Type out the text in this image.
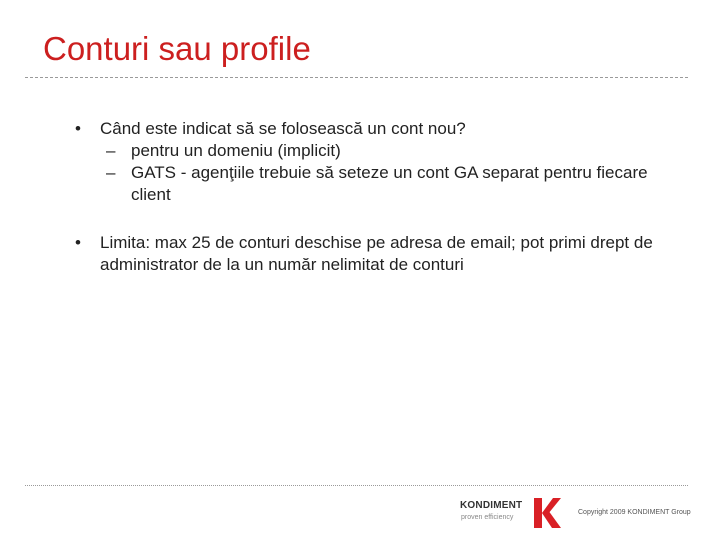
Conturi sau profile
• Când este indicat să se folosească un cont nou?
– pentru un domeniu (implicit)
– GATS - agenţiile trebuie să seteze un cont GA separat pentru fiecare client
• Limita: max 25 de conturi deschise pe adresa de email; pot primi drept de administrator de la un număr nelimitat de conturi
KONDIMENT
proven efficiency
Copyright 2009 KONDIMENT Group
